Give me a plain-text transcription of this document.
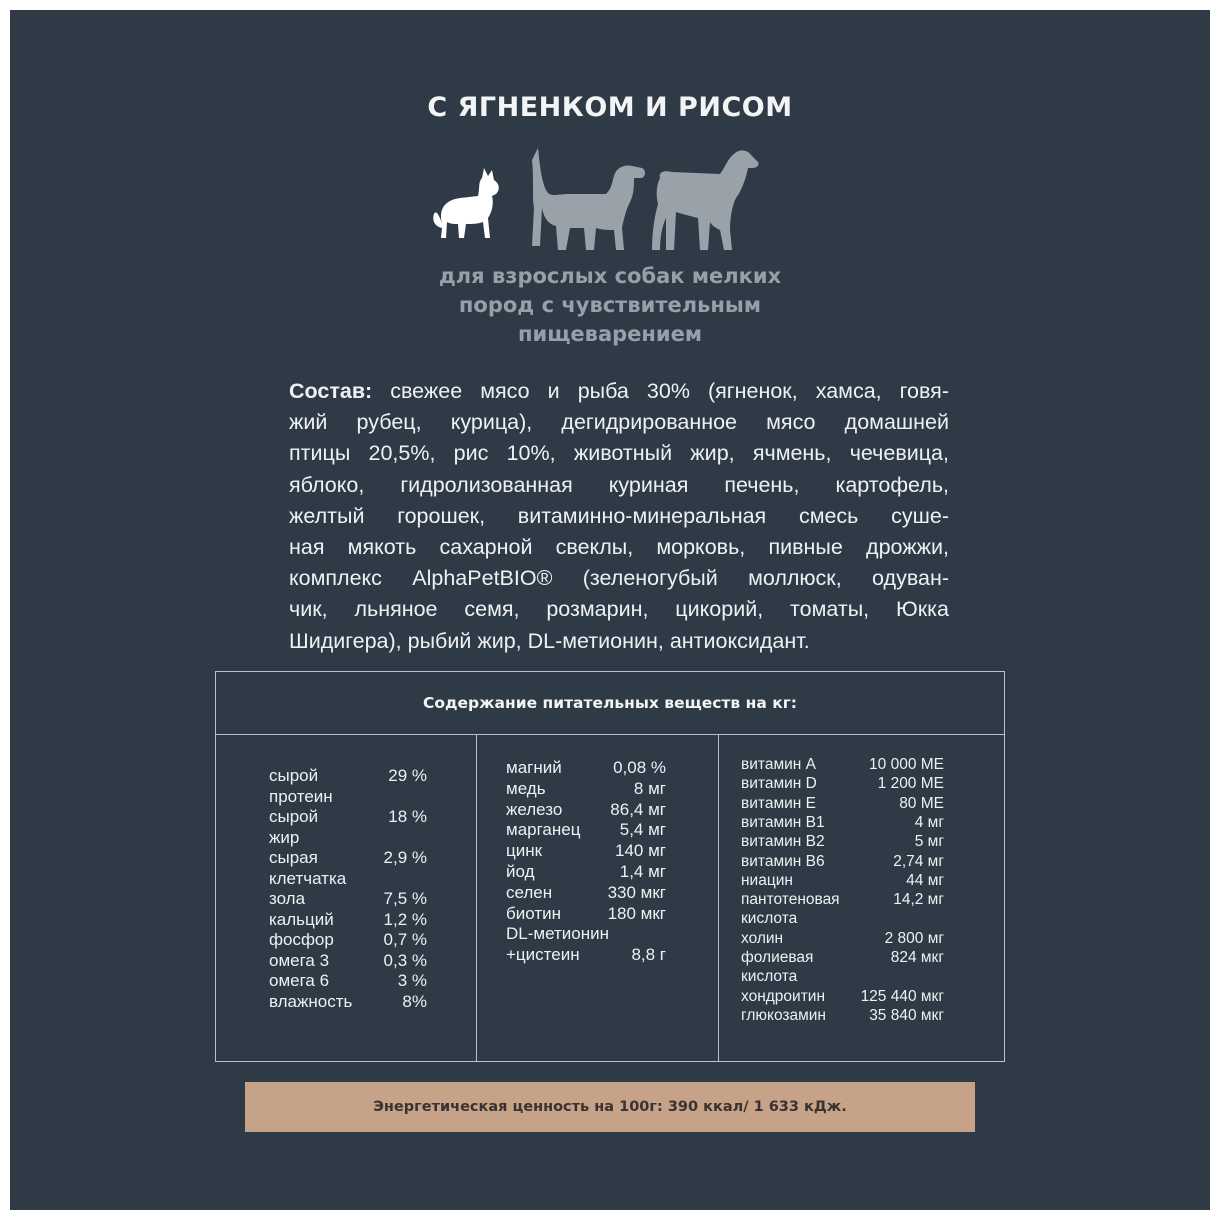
С ЯГНЕНКОМ И РИСОМ
для взрослых собак мелких
пород с чувствительным
пищеварением
Состав: свежее мясо и рыба 30% (ягненок, хамса, говя-
жий рубец, курица), дегидрированное мясо домашней
птицы 20,5%, рис 10%, животный жир, ячмень, чечевица,
яблоко, гидролизованная куриная печень, картофель,
желтый горошек, витаминно-минеральная смесь суше-
ная мякоть сахарной свеклы, морковь, пивные дрожжи,
комплекс AlphaPetBIO® (зеленогубый моллюск, одуван-
чик, льняное семя, розмарин, цикорий, томаты, Юкка
Шидигера), рыбий жир, DL-метионин, антиоксидант.
Содержание питательных веществ на кг:
сырой	29 %
протеин
сырой	18 %
жир
сырая	2,9 %
клетчатка
зола	7,5 %
кальций	1,2 %
фосфор	0,7 %
омега 3	0,3 %
омега 6	3 %
влажность	8%
магний	0,08 %
медь	8 мг
железо	86,4 мг
марганец 5,4 мг
цинк	140 мг
йод	1,4 мг
селен	330 мкг
биотин	180 мкг
DL-метионин
+цистеин	8,8 г
витамин А	10 000 МЕ
витамин D	1 200 МЕ
витамин Е	80 МЕ
витамин В1	4 мг
витамин В2	5 мг
витамин В6	2,74 мг
ниацин	44 мг
пантотеновая	14,2 мг
кислота
холин	2 800 мг
фолиевая	824 мкг
кислота
хондроитин 125 440 мкг
глюкозамин	35 840 мкг
Энергетическая ценность на 100г: 390 ккал/ 1 633 кДж.
